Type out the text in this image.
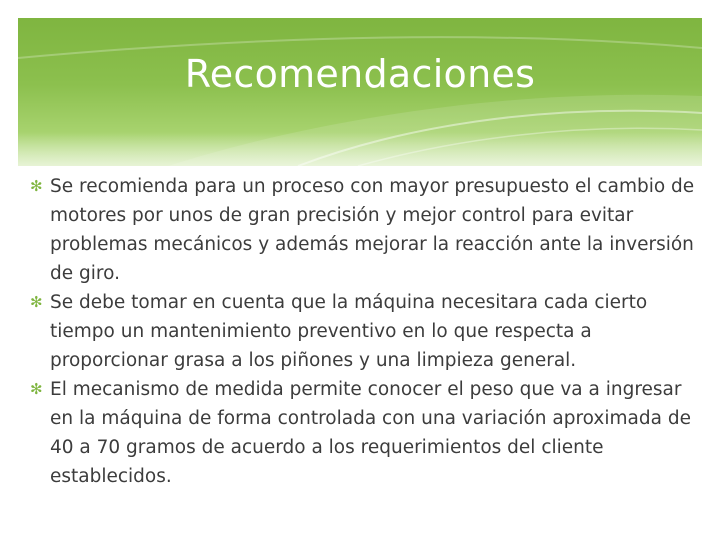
Recomendaciones
✻ Se recomienda para un proceso con mayor presupuesto el cambio de motores por unos de gran precisión y mejor control para evitar problemas mecánicos y además mejorar la reacción ante la inversión de giro.
✻ Se debe tomar en cuenta que la máquina necesitara cada cierto tiempo un mantenimiento preventivo en lo que respecta a proporcionar grasa a los piñones y una limpieza general.
✻ El mecanismo de medida permite conocer el peso que va a ingresar en la máquina de forma controlada con una variación aproximada de 40 a 70 gramos de acuerdo a los requerimientos del cliente establecidos.
